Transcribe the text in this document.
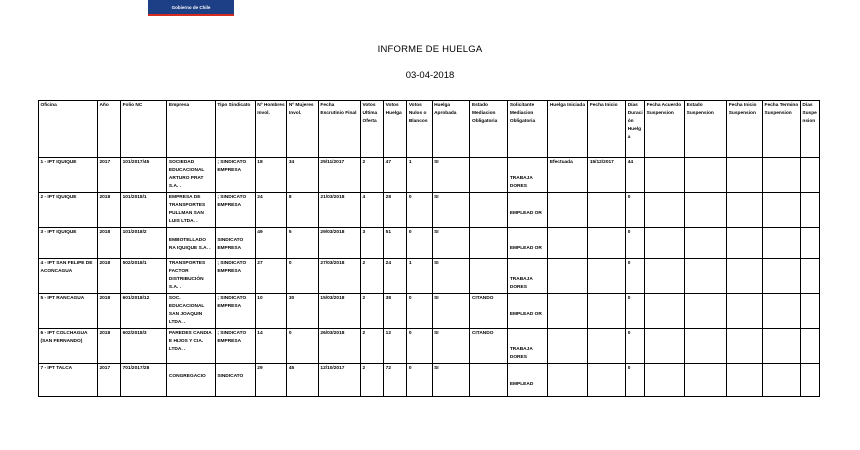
Gobierno de Chile
INFORME DE HUELGA
03-04-2018
Oficina	Año	Folio NC	Empresa	Tipo Sindicato	Nº Hombres Invol.	Nº Mujeres Invol.	Fecha Escrutinio Final	Votos Ultima Oferta	Votos Huelga	Votos Nulos o Blancos	Huelga Aprobada	Estado Mediacion Obligatoria	Solicitante Mediacion Obligatoria	Huelga Iniciada	Fecha Inicio	Días Duración Huelga	Fecha Acuerdo Suspension	Estado Suspension	Fecha Inicio Suspension	Fecha Termino Suspension	Días Suspension
1 - IPT IQUIQUE	2017	101/2017/45	SOCIEDAD EDUCACIONAL ARTURO PRAT S.A. .	; SINDICATO EMPRESA	18	34	29/11/2017	2	47	1	SI		TRABAJA DORES	Efectuada	15/12/2017	44					
2 - IPT IQUIQUE	2018	101/2018/1	EMPRESA DE TRANSPORTES PULLMAN SAN LUIS LTDA. .	; SINDICATO EMPRESA	24	8	21/03/2018	4	28	0	SI		EMPLEAD OR			0					
3 - IPT IQUIQUE	2018	101/2018/2	EMBOTELLADO RA IQUIQUE S.A. .	SINDICATO EMPRESA	49	5	29/03/2018	3	51	0	SI		EMPLEAD OR			0					
4 - IPT SAN FELIPE DE ACONCAGUA	2018	502/2018/1	TRANSPORTES FACTOR DISTRIBUCIÓN S.A. .	; SINDICATO EMPRESA	27	0	27/03/2018	2	24	1	SI		TRABAJA DORES			0					
5 - IPT RANCAGUA	2018	601/2018/12	SOC. EDUCACIONAL SAN JOAQUIN LTDA. .	; SINDICATO EMPRESA	10	30	15/03/2018	2	38	0	SI	CITANDO	EMPLEAD OR			0					
6 - IPT COLCHAGUA (SAN FERNANDO)	2018	602/2018/3	PAREDES CANDIA E HIJOS Y CIA. LTDA. .	; SINDICATO EMPRESA	14	0	26/03/2018	2	12	0	SI	CITANDO	TRABAJA DORES			0					
7 - IPT TALCA	2017	701/2017/28	CONGREGACIO	SINDICATO	29	45	12/10/2017	2	72	0	SI		EMPLEAD			0					
